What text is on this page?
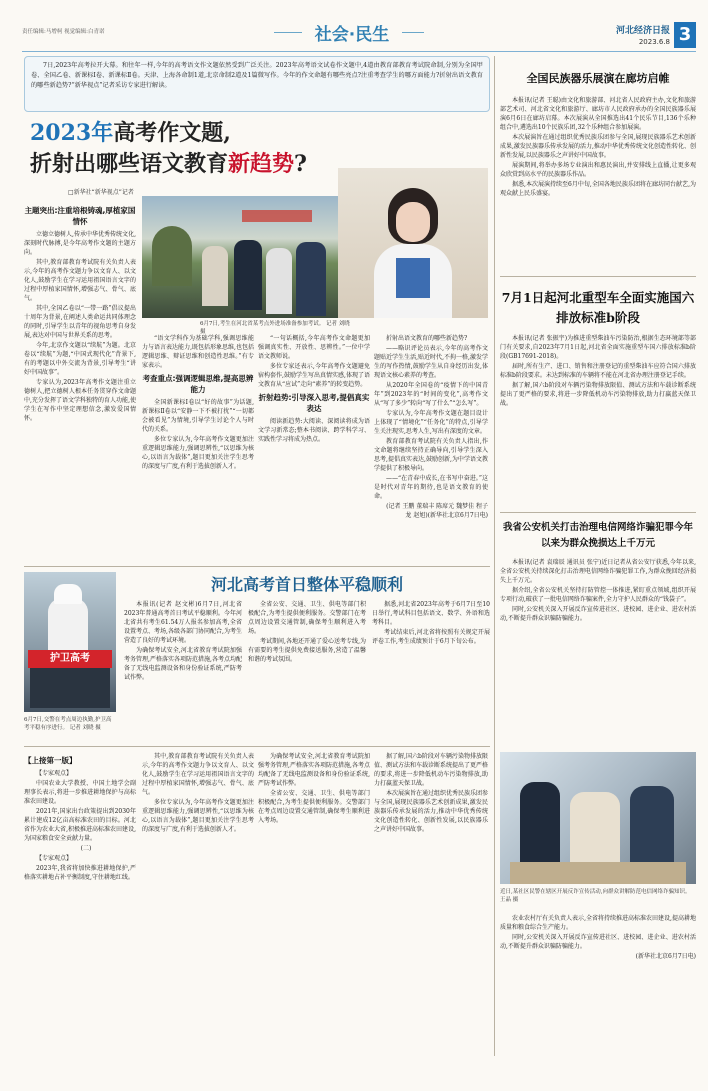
责任编辑:马增柯 视觉编辑:白青诺	社会·民生	河北经济日报
2023.6.8 3
7日,2023年高考拉开大幕。和往年一样,今年的高考语文作文题依然受到广泛关注。2023年高考语文试卷作文题中,4道由教育部教育考试院命制,分别为全国甲卷、全国乙卷、新课标Ⅰ卷、新课标Ⅱ卷。天津、上海各命制1道,北京命制2道及1篇微写作。今年的作文命题有哪些亮点?注重考查学生的哪方面能力?折射出语文教育的哪些新趋势?“新华视点”记者采访专家进行解读。
2023年高考作文题,
折射出哪些语文教育新趋势?
□新华社“新华视点”记者
主题突出:注重培根铸魂,厚植家国情怀

立德立德树人,传承中华优秀传统文化,深刻时代脉搏,是今年高考作文题的主题方向。

其中,教育部教育考试院有关负责人表示,今年的高考作文题力争以文育人、以文化人,鼓励学生在学习运用祖国语言文字的过程中厚植家国情怀,增强志气、骨气、底气。

其中,全国乙卷以“一带一路”倡议提出十周年为背景,在阐述人类命运共同体理念的同时,引导学生以青年的视角思考自身发展,表达对中国与世界关系的思考。

今年,北京作文题以“续航”为题。北京卷以“续航”为题,“中国式现代化”背景下,有的考题以中外交流为背景,引导考生“讲好中国故事”。

专家认为,2023年高考作文题注重立德树人,把立德树人根本任务贯穿作文命题中,充分发挥了语文学科独特的育人功能,使学生在写作中坚定理想信念,激发爱国情怀。

6月7日,考生在河北省某考点外进场准备参加考试。 记者 刘晓 摄

“语文学科作为基础学科,强调思维能力与语言表达能力,既包括形象思维,也包括逻辑思维、辩证思维和创造性思维。”有专家表示。

考查重点:强调逻辑思维,提高思辨能力

全国新课标Ⅰ卷以“好的故事”为话题,新课标Ⅱ卷以“安静一下不被打扰”“一切都会被看见”为情境,引导学生讨论个人与时代的关系。

多位专家认为,今年高考作文题更加注重逻辑思维能力,强调思辨性,“以思维为核心,以语言为载体”,题目更加关注学生思考的深度与广度,有利于选拔创新人才。

“一句话概括,今年高考作文命题更加强调真实性、开放性、思辨性。”一位中学语文教师说。

多位专家还表示,今年高考作文题避免宿构套作,鼓励学生写出真情实感,体现了语文教育从“应试”走向“素养”的转变趋势。

折射趋势:引导深入思考,提倡真实表达

阅读新趋势:大阅读、深阅读将成为语文学习新常态;整本书阅读、跨学科学习、实践性学习将成为热点。

折射出语文教育的哪些新趋势?

——略识评论员表示,今年的高考作文题贴近学生生活,贴近时代,不拘一格,激发学生的写作热情,鼓励学生从自身经历出发,体现语文核心素养的考查。

从2020年全国卷的“疫情下的中国青年”到2023年的“时间的变化”,高考作文从“写了多少”转向“写了什么”“怎么写”。

专家认为,今年高考作文题在题目设计上体现了“情境化”“任务化”的特点,引导学生关注现实,思考人生,写出有深度的文章。

教育部教育考试院有关负责人指出,作文命题将继续坚持正确导向,引导学生深入思考,提倡真实表达,鼓励创新,为中学语文教学提供了积极导向。

——“在青春中成长,在书写中奋进。”这是时代对青年的期待,也是语文教育的使命。

(记者 王鹏 董瑞丰 陈席元 魏梦佳 程子龙 赵旭)(新华社北京6月7日电)

全国民族器乐展演在廊坊启帷

本报讯(记者 王聪)由文化和旅游部、河北省人民政府主办,文化和旅游部艺术司、河北省文化和旅游厅、廊坊市人民政府承办的全国民族器乐展演6月6日在廊坊启幕。本次展演从全国推选出41个民乐节目,136个乐种组合中,遴选出10个民族乐团,32个乐种组合参加展演。

本次展演旨在通过组织优秀民族乐团参与全国,展现民族器乐艺术创新成果,激发民族器乐传承发展的活力,推动中华优秀传统文化创造性转化、创新性发展,以民族器乐之声讲好中国故事。

展演期间,将举办多场专业演出和惠民演出,并安排线上直播,让更多观众欣赏到高水平的民族器乐作品。

据悉,本次展演持续至6月中旬,全国各地民族乐团将在廊坊同台献艺,为观众献上民乐盛宴。

7月1日起河北重型车全面实施国六排放标准b阶段

本报讯(记者 张振宇)为推进重型柴油车污染防治,根据生态环境部等部门有关要求,自2023年7月1日起,河北省全面实施重型车国六排放标准b阶段(GB17691-2018)。

届时,所有生产、进口、销售和注册登记的重型柴油车应符合国六排放标准b阶段要求。未达到标准的车辆将不能在河北省办理注册登记手续。

据了解,国六b阶段对车辆污染物排放限值、测试方法和车载诊断系统提出了更严格的要求,将进一步降低机动车污染物排放,助力打赢蓝天保卫战。

我省公安机关打击治理电信网络诈骗犯罪今年以来为群众挽损达上千万元

本报讯(记者 袁瑞辰 通讯员 张宁)近日记者从省公安厅获悉,今年以来,全省公安机关持续深化打击治理电信网络诈骗犯罪工作,为群众挽回经济损失上千万元。

据介绍,全省公安机关坚持打防管控一体推进,紧盯重点领域,组织开展专项行动,破获了一批电信网络诈骗案件,全力守护人民群众的“钱袋子”。

同时,公安机关深入开展反诈宣传进社区、进校园、进企业、进农村活动,不断提升群众识骗防骗能力。

近日,某社区民警在辖区开展反诈宣传活动,向群众讲解防范电信网络诈骗知识。 王晶 摄
护卫高考
6月7日,交警在考点周边执勤,护卫高考平稳有序进行。 记者 刘晓 摄
河北高考首日整体平稳顺利

本报讯(记者 赵文彬)6月7日,河北省2023年普通高考首日考试平稳顺利。今年河北省共有考生61.54万人报名参加高考,全省设置考点、考场,各级各部门协同配合,为考生营造了良好的考试环境。

为确保考试安全,河北省教育考试院加强考务管理,严格落实各项防范措施,各考点均配备了无线电监测设备和身份验证系统,严防考试作弊。

全省公安、交通、卫生、供电等部门积极配合,为考生提供便利服务。交警部门在考点周边设置交通管制,确保考生顺利进入考场。

考试期间,各地还开通了爱心送考专线,为有需要的考生提供免费接送服务,营造了温馨和谐的考试氛围。

据悉,河北省2023年高考于6月7日至10日举行,考试科目包括语文、数学、外语和选考科目。

考试结束后,河北省将按照有关规定开展评卷工作,考生成绩预计于6月下旬公布。

【上接第一版】

【专家观点】

中国农业大学教授、中国土地学会副理事长表示,将进一步推进耕地保护与高标准农田建设。

2021年,国家出台政策提出到2030年累计建成12亿亩高标准农田的目标。河北省作为农业大省,积极推进高标准农田建设,为国家粮食安全贡献力量。

(二)

【专家观点】

2023年,我省将加快推进耕地保护,严格落实耕地占补平衡制度,守住耕地红线。

其中,教育部教育考试院有关负责人表示,今年的高考作文题力争以文育人、以文化人,鼓励学生在学习运用祖国语言文字的过程中厚植家国情怀,增强志气、骨气、底气。

多位专家认为,今年高考作文题更加注重逻辑思维能力,强调思辨性,“以思维为核心,以语言为载体”,题目更加关注学生思考的深度与广度,有利于选拔创新人才。

为确保考试安全,河北省教育考试院加强考务管理,严格落实各项防范措施,各考点均配备了无线电监测设备和身份验证系统,严防考试作弊。

全省公安、交通、卫生、供电等部门积极配合,为考生提供便利服务。交警部门在考点周边设置交通管制,确保考生顺利进入考场。

据了解,国六b阶段对车辆污染物排放限值、测试方法和车载诊断系统提出了更严格的要求,将进一步降低机动车污染物排放,助力打赢蓝天保卫战。

本次展演旨在通过组织优秀民族乐团参与全国,展现民族器乐艺术创新成果,激发民族器乐传承发展的活力,推动中华优秀传统文化创造性转化、创新性发展,以民族器乐之声讲好中国故事。

农业农村厅有关负责人表示,全省将持续推进高标准农田建设,提高耕地质量和粮食综合生产能力。

同时,公安机关深入开展反诈宣传进社区、进校园、进企业、进农村活动,不断提升群众识骗防骗能力。

(新华社北京6月7日电)
